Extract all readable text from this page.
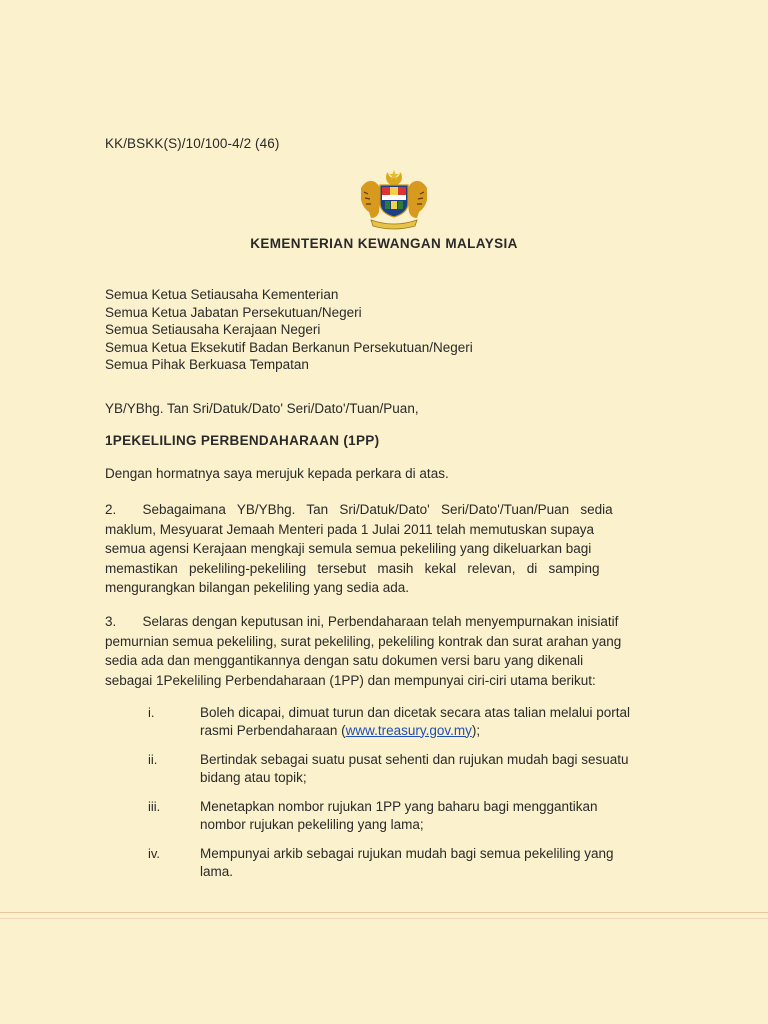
KK/BSKK(S)/10/100-4/2 (46)
KEMENTERIAN KEWANGAN MALAYSIA
Semua Ketua Setiausaha Kementerian
Semua Ketua Jabatan Persekutuan/Negeri
Semua Setiausaha Kerajaan Negeri
Semua Ketua Eksekutif Badan Berkanun Persekutuan/Negeri
Semua Pihak Berkuasa Tempatan
YB/YBhg. Tan Sri/Datuk/Dato' Seri/Dato'/Tuan/Puan,
1PEKELILING PERBENDAHARAAN (1PP)
Dengan hormatnya saya merujuk kepada perkara di atas.
2.       Sebagaimana   YB/YBhg.   Tan   Sri/Datuk/Dato'   Seri/Dato'/Tuan/Puan   sedia
maklum, Mesyuarat Jemaah Menteri pada 1 Julai 2011 telah memutuskan supaya
semua agensi Kerajaan mengkaji semula semua pekeliling yang dikeluarkan bagi
memastikan   pekeliling-pekeliling   tersebut   masih   kekal   relevan,   di   samping
mengurangkan bilangan pekeliling yang sedia ada.
3.       Selaras dengan keputusan ini, Perbendaharaan telah menyempurnakan inisiatif
pemurnian semua pekeliling, surat pekeliling, pekeliling kontrak dan surat arahan yang
sedia ada dan menggantikannya dengan satu dokumen versi baru yang dikenali
sebagai 1Pekeliling Perbendaharaan (1PP) dan mempunyai ciri-ciri utama berikut:
i.	Boleh dicapai, dimuat turun dan dicetak secara atas talian melalui portal
rasmi Perbendaharaan (www.treasury.gov.my);
ii.	Bertindak sebagai suatu pusat sehenti dan rujukan mudah bagi sesuatu
bidang atau topik;
iii.	Menetapkan nombor rujukan 1PP yang baharu bagi menggantikan
nombor rujukan pekeliling yang lama;
iv.	Mempunyai arkib sebagai rujukan mudah bagi semua pekeliling yang
lama.
